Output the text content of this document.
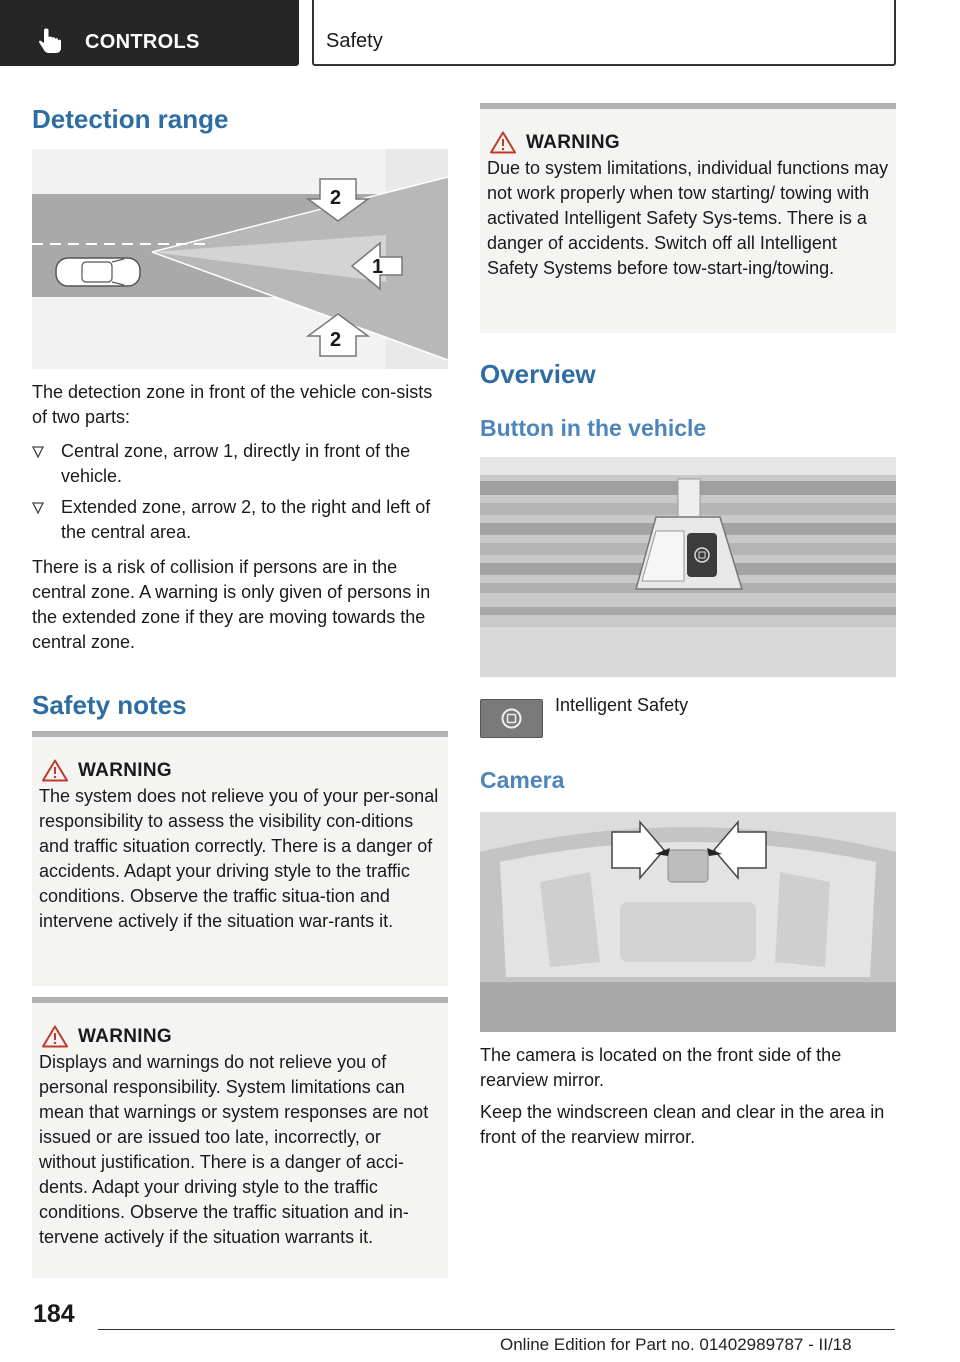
CONTROLS	Safety
Detection range
2
1
2

The detection zone in front of the vehicle con-sists of two parts:

Central zone, arrow 1, directly in front of the vehicle.
Extended zone, arrow 2, to the right and left of the central area.

There is a risk of collision if persons are in the central zone. A warning is only given of persons in the extended zone if they are moving towards the central zone.

Safety notes
WARNING

The system does not relieve you of your per-sonal responsibility to assess the visibility con-ditions and traffic situation correctly. There is a danger of accidents. Adapt your driving style to the traffic conditions. Observe the traffic situa-tion and intervene actively if the situation war-rants it.

WARNING

Displays and warnings do not relieve you of personal responsibility. System limitations can mean that warnings or system responses are not issued or are issued too late, incorrectly, or without justification. There is a danger of acci-dents. Adapt your driving style to the traffic conditions. Observe the traffic situation and in-tervene actively if the situation warrants it.

WARNING

Due to system limitations, individual functions may not work properly when tow starting/ towing with activated Intelligent Safety Sys-tems. There is a danger of accidents. Switch off all Intelligent Safety Systems before tow-start-ing/towing.

Overview
Button in the vehicle
Intelligent Safety
Camera

The camera is located on the front side of the rearview mirror.

Keep the windscreen clean and clear in the area in front of the rearview mirror.

184
Online Edition for Part no. 01402989787 - II/18
